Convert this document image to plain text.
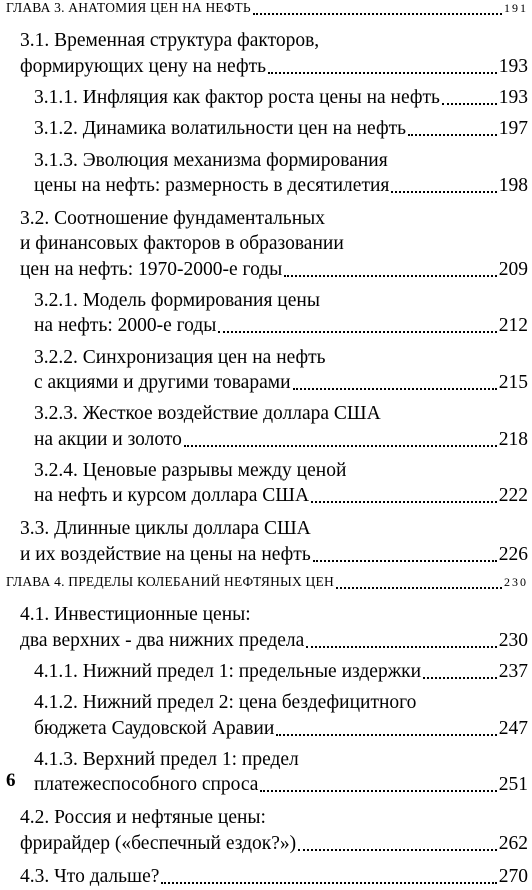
ГЛАВА 3. АНАТОМИЯ ЦЕН НА НЕФТЬ	191
3.1. Временная структура факторов,
формирующих цену на нефть	193
3.1.1. Инфляция как фактор роста цены на нефть	193
3.1.2. Динамика волатильности цен на нефть	197
3.1.3. Эволюция механизма формирования
цены на нефть: размерность в десятилетия	198
3.2. Соотношение фундаментальных
и финансовых факторов в образовании
цен на нефть: 1970-2000-е годы	209
3.2.1. Модель формирования цены
на нефть: 2000-е годы	212
3.2.2. Синхронизация цен на нефть
с акциями и другими товарами	215
3.2.3. Жесткое воздействие доллара США
на акции и золото	218
3.2.4. Ценовые разрывы между ценой
на нефть и курсом доллара США	222
3.3. Длинные циклы доллара США
и их воздействие на цены на нефть	226
ГЛАВА 4. ПРЕДЕЛЫ КОЛЕБАНИЙ НЕФТЯНЫХ ЦЕН	230
4.1. Инвестиционные цены:
два верхних - два нижних предела	230
4.1.1. Нижний предел 1: предельные издержки	237
4.1.2. Нижний предел 2: цена бездефицитного
бюджета Саудовской Аравии	247
4.1.3. Верхний предел 1: предел
платежеспособного спроса	251
4.2. Россия и нефтяные цены:
фрирайдер («беспечный ездок?»)	262
4.3. Что дальше?	270
6
